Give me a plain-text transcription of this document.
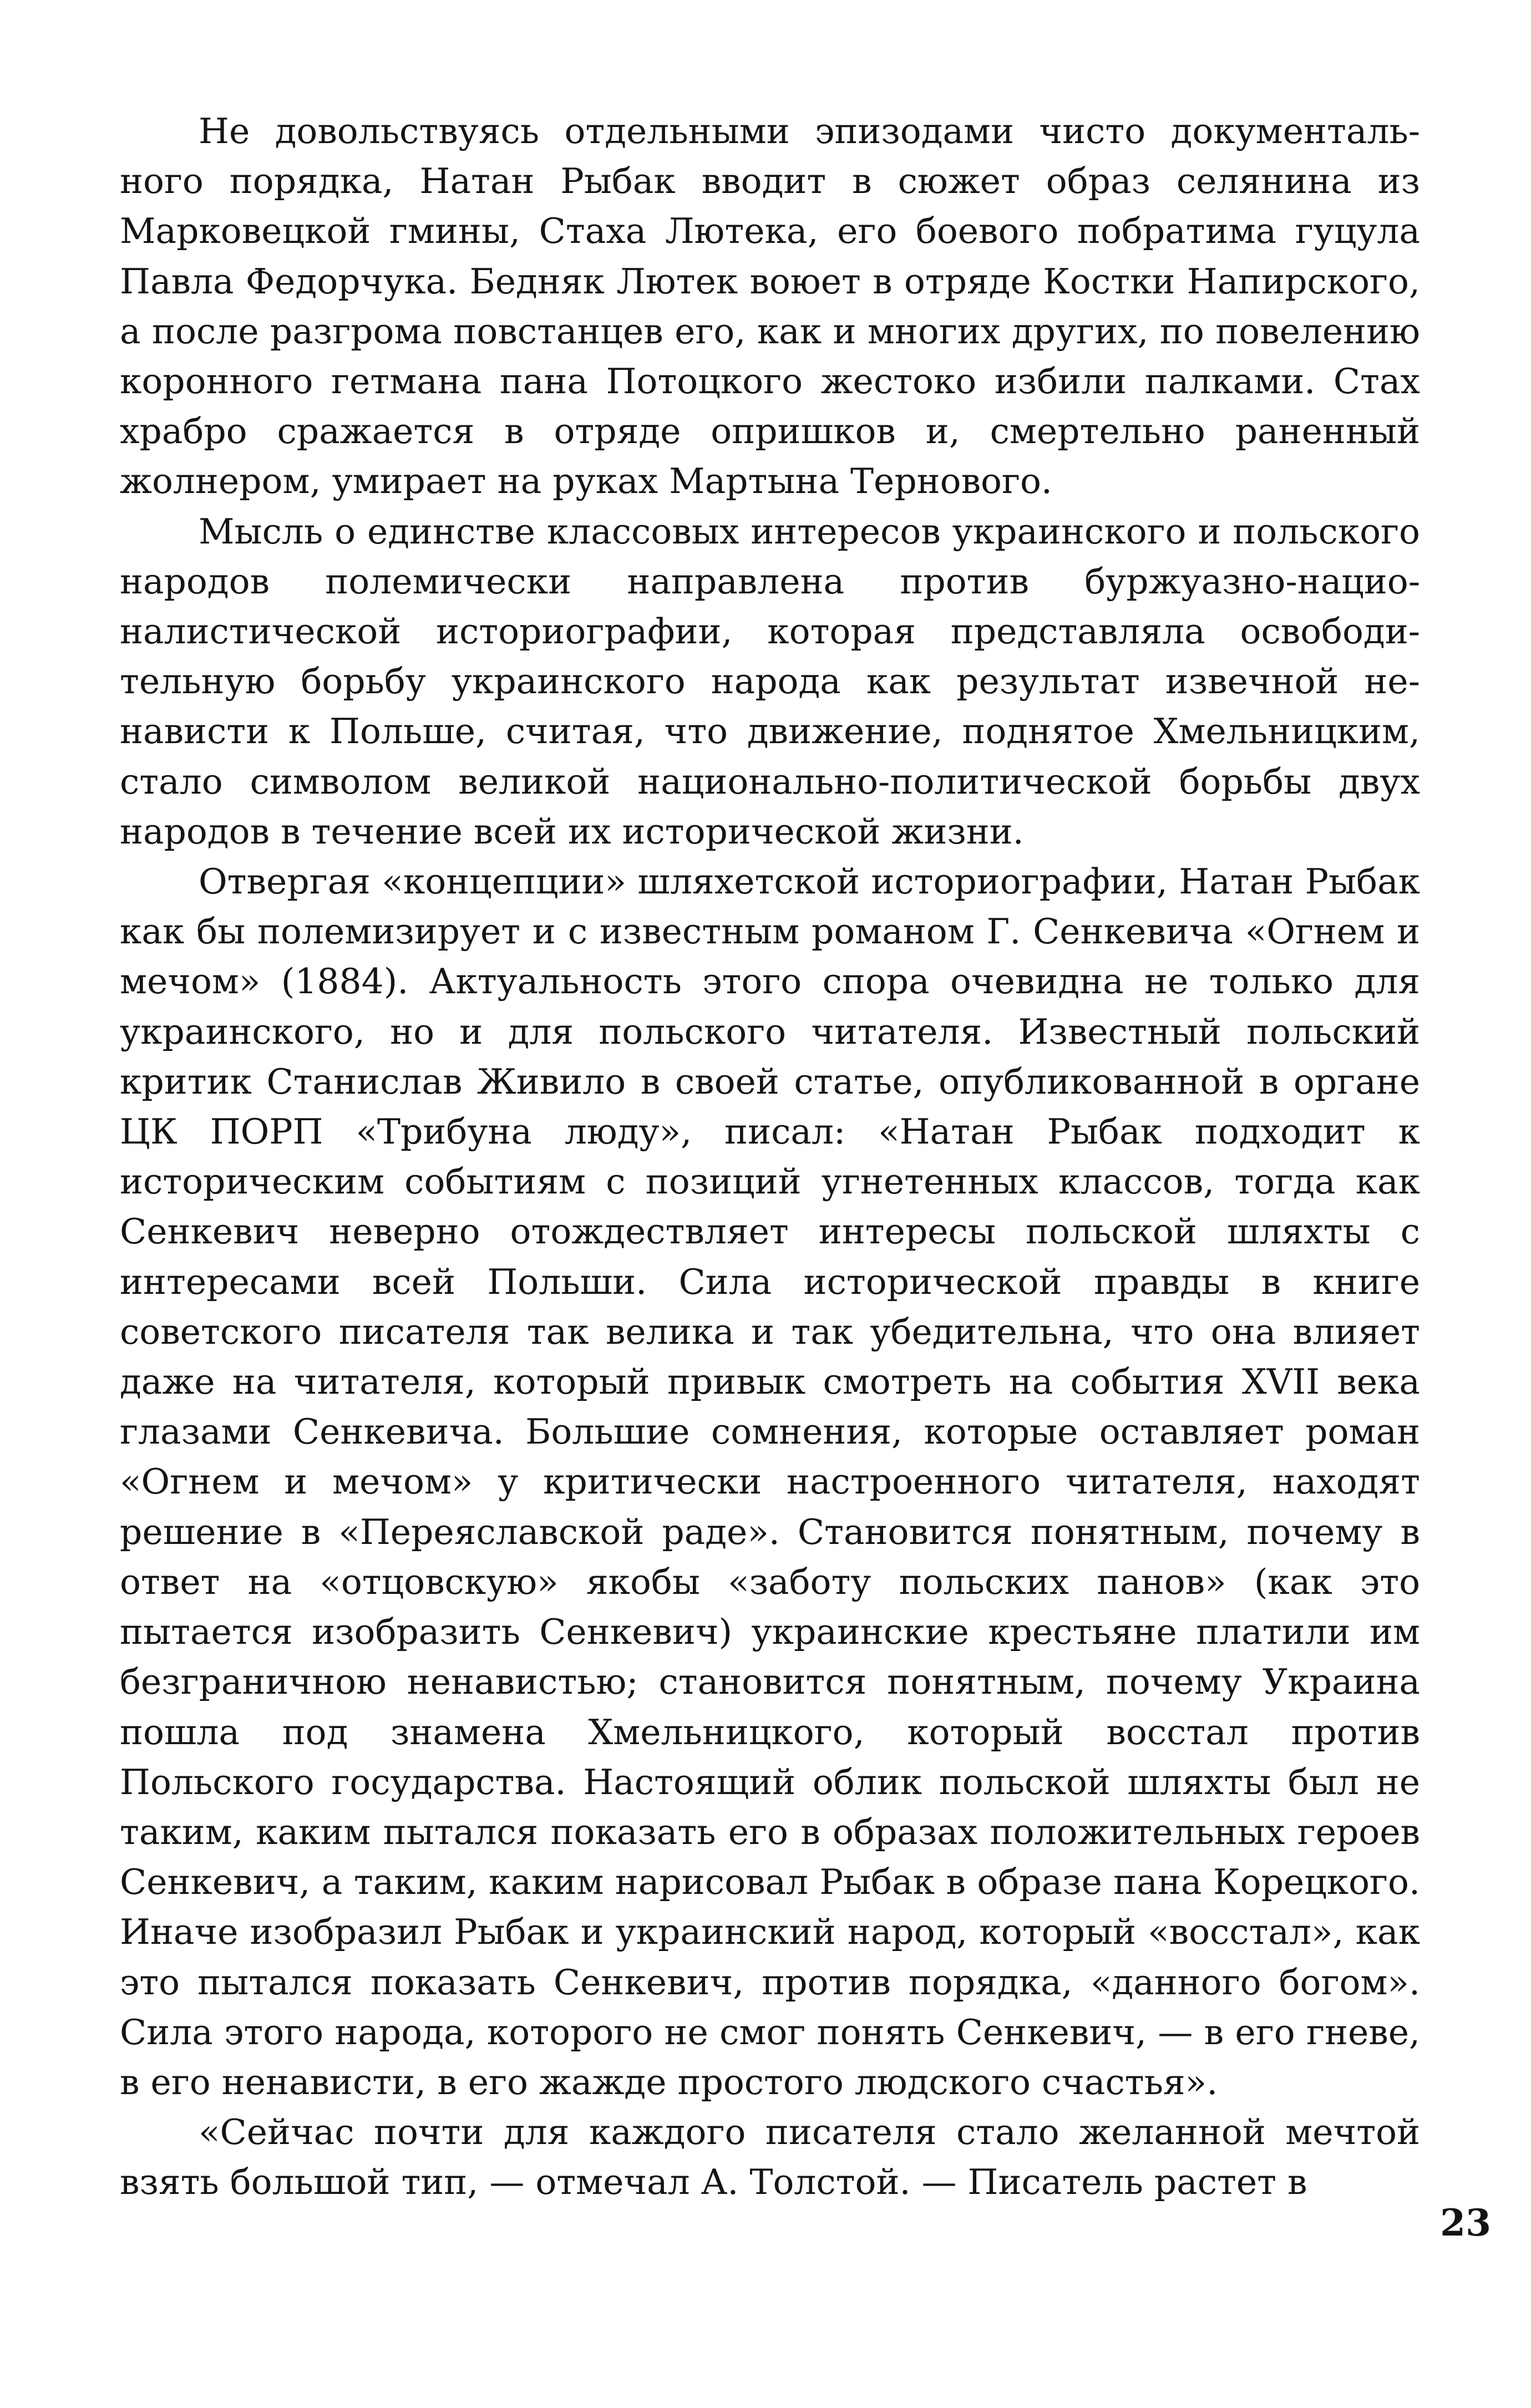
Не довольствуясь отдельными эпизодами чисто документального порядка, Натан Рыбак вводит в сюжет образ селянина из Марковецкой гмины, Стаха Лютека, его боевого побратима гуцула Павла Федорчука. Бедняк Лютек воюет в отряде Костки Напирского, а после разгрома повстанцев его, как и многих других, по повелению коронного гетмана пана Потоцкого жестоко избили палками. Стах храбро сражается в отряде опришков и, смертельно раненный жолнером, умирает на руках Мартына Тернового.

Мысль о единстве классовых интересов украинского и польского народов полемически направлена против буржуазно-националистической историографии, которая представляла освободительную борьбу украинского народа как результат извечной ненависти к Польше, считая, что движение, поднятое Хмельницким, стало символом великой национально-политической борьбы двух народов в течение всей их исторической жизни.

Отвергая «концепции» шляхетской историографии, Натан Рыбак как бы полемизирует и с известным романом Г. Сенкевича «Огнем и мечом» (1884). Актуальность этого спора очевидна не только для украинского, но и для польского читателя. Известный польский критик Станислав Живило в своей статье, опубликованной в органе ЦК ПОРП «Трибуна люду», писал: «Натан Рыбак подходит к историческим событиям с позиций угнетенных классов, тогда как Сенкевич неверно отождествляет интересы польской шляхты с интересами всей Польши. Сила исторической правды в книге советского писателя так велика и так убедительна, что она влияет даже на читателя, который привык смотреть на события XVII века глазами Сенкевича. Большие сомнения, которые оставляет роман «Огнем и мечом» у критически настроенного читателя, находят решение в «Переяславской раде». Становится понятным, почему в ответ на «отцовскую» якобы «заботу польских панов» (как это пытается изобразить Сенкевич) украинские крестьяне платили им безграничною ненавистью; становится понятным, почему Украина пошла под знамена Хмельницкого, который восстал против Польского государства. Настоящий облик польской шляхты был не таким, каким пытался показать его в образах положительных героев Сенкевич, а таким, каким нарисовал Рыбак в образе пана Корецкого. Иначе изобразил Рыбак и украинский народ, который «восстал», как это пытался показать Сенкевич, против порядка, «данного богом». Сила этого народа, которого не смог понять Сенкевич, — в его гневе, в его ненависти, в его жажде простого людского счастья».

«Сейчас почти для каждого писателя стало желанной мечтой взять большой тип, — отмечал А. Толстой. — Писатель растет в

23
